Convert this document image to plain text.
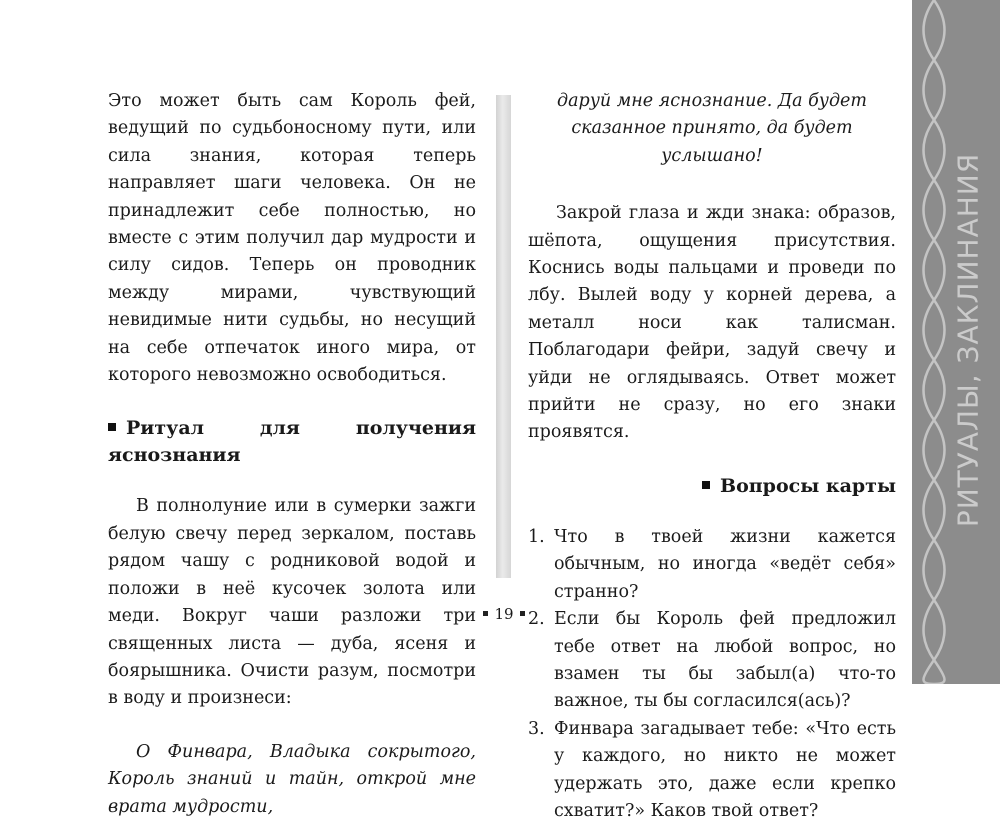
Это может быть сам Король фей, ведущий по судьбоносному пути, или сила знания, которая теперь направляет шаги человека. Он не принадлежит себе полностью, но вместе с этим получил дар мудрости и силу сидов. Теперь он проводник между мирами, чувствующий невидимые нити судьбы, но несущий на себе отпечаток иного мира, от которого невозможно освободиться.

Ритуал для получения яснознания

В полнолуние или в сумерки зажги белую свечу перед зеркалом, поставь рядом чашу с родниковой водой и положи в неё кусочек золота или меди. Вокруг чаши разложи три священных листа — дуба, ясеня и боярышника. Очисти разум, посмотри в воду и произнеси:

О Финвара, Владыка сокрытого, Король знаний и тайн, открой мне врата мудрости,

даруй мне яснознание. Да будет сказанное принято, да будет услышано!

Закрой глаза и жди знака: образов, шёпота, ощущения присутствия. Коснись воды пальцами и проведи по лбу. Вылей воду у корней дерева, а металл носи как талисман. Поблагодари фейри, задуй свечу и уйди не оглядываясь. Ответ может прийти не сразу, но его знаки проявятся.

Вопросы карты
1. Что в твоей жизни кажется обычным, но иногда «ведёт себя» странно?
2. Если бы Король фей предложил тебе ответ на любой вопрос, но взамен ты бы забыл(а) что-то важное, ты бы согласился(ась)?
3. Финвара загадывает тебе: «Что есть у каждого, но никто не может удержать это, даже если крепко схватит?» Каков твой ответ?
19
РИТУАЛЫ, ЗАКЛИНАНИЯ
